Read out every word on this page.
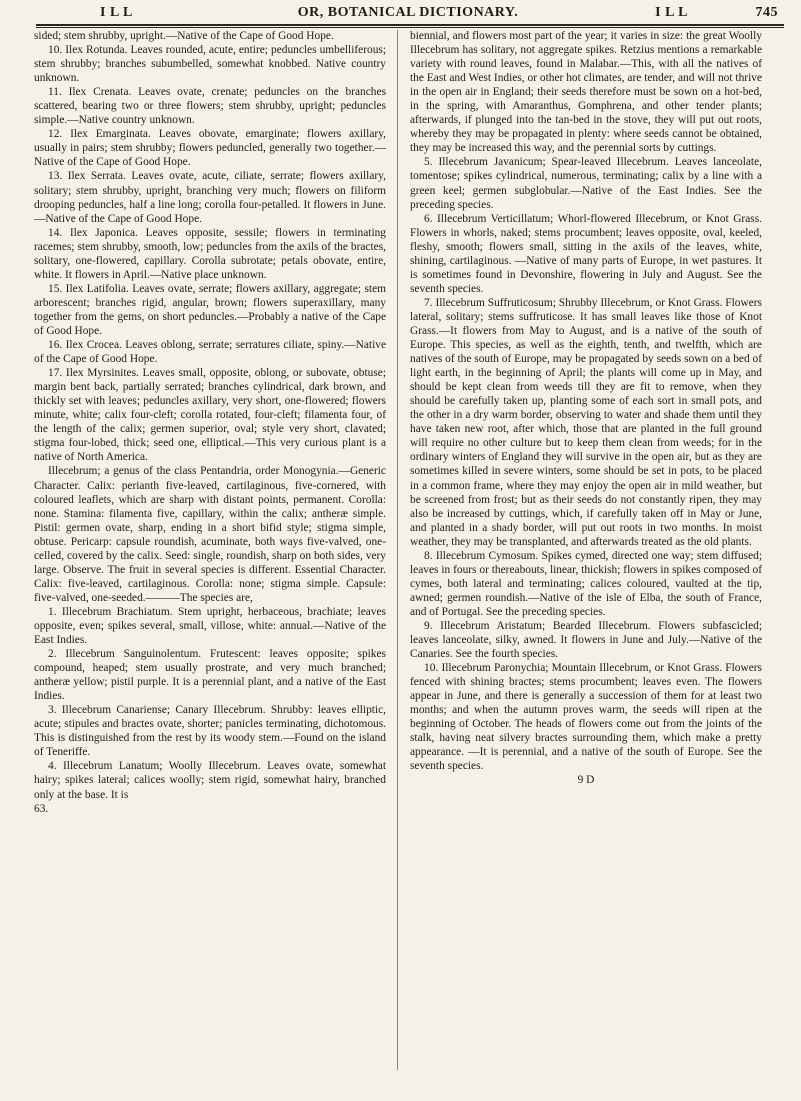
I L L	OR, BOTANICAL DICTIONARY.	I L L	745

sided; stem shrubby, upright.—Native of the Cape of Good Hope.

10. Ilex Rotunda. Leaves rounded, acute, entire; peduncles umbelliferous; stem shrubby; branches subumbelled, somewhat knobbed. Native country unknown.

11. Ilex Crenata. Leaves ovate, crenate; peduncles on the branches scattered, bearing two or three flowers; stem shrubby, upright; peduncles simple.—Native country unknown.

12. Ilex Emarginata. Leaves obovate, emarginate; flowers axillary, usually in pairs; stem shrubby; flowers peduncled, generally two together.—Native of the Cape of Good Hope.

13. Ilex Serrata. Leaves ovate, acute, ciliate, serrate; flowers axillary, solitary; stem shrubby, upright, branching very much; flowers on filiform drooping peduncles, half a line long; corolla four-petalled. It flowers in June.—Native of the Cape of Good Hope.

14. Ilex Japonica. Leaves opposite, sessile; flowers in terminating racemes; stem shrubby, smooth, low; peduncles from the axils of the bractes, solitary, one-flowered, capillary. Corolla subrotate; petals obovate, entire, white. It flowers in April.—Native place unknown.

15. Ilex Latifolia. Leaves ovate, serrate; flowers axillary, aggregate; stem arborescent; branches rigid, angular, brown; flowers superaxillary, many together from the gems, on short peduncles.—Probably a native of the Cape of Good Hope.

16. Ilex Crocea. Leaves oblong, serrate; serratures ciliate, spiny.—Native of the Cape of Good Hope.

17. Ilex Myrsinites. Leaves small, opposite, oblong, or subovate, obtuse; margin bent back, partially serrated; branches cylindrical, dark brown, and thickly set with leaves; peduncles axillary, very short, one-flowered; flowers minute, white; calix four-cleft; corolla rotated, four-cleft; filamenta four, of the length of the calix; germen superior, oval; style very short, clavated; stigma four-lobed, thick; seed one, elliptical.—This very curious plant is a native of North America.

Illecebrum; a genus of the class Pentandria, order Monogynia.—Generic Character. Calix: perianth five-leaved, cartilaginous, five-cornered, with coloured leaflets, which are sharp with distant points, permanent. Corolla: none. Stamina: filamenta five, capillary, within the calix; antheræ simple. Pistil: germen ovate, sharp, ending in a short bifid style; stigma simple, obtuse. Pericarp: capsule roundish, acuminate, both ways five-valved, one-celled, covered by the calix. Seed: single, roundish, sharp on both sides, very large. Observe. The fruit in several species is different. Essential Character. Calix: five-leaved, cartilaginous. Corolla: none; stigma simple. Capsule: five-valved, one-seeded.———The species are,

1. Illecebrum Brachiatum. Stem upright, herbaceous, brachiate; leaves opposite, even; spikes several, small, villose, white: annual.—Native of the East Indies.

2. Illecebrum Sanguinolentum. Frutescent: leaves opposite; spikes compound, heaped; stem usually prostrate, and very much branched; antheræ yellow; pistil purple. It is a perennial plant, and a native of the East Indies.

3. Illecebrum Canariense; Canary Illecebrum. Shrubby: leaves elliptic, acute; stipules and bractes ovate, shorter; panicles terminating, dichotomous. This is distinguished from the rest by its woody stem.—Found on the island of Teneriffe.

4. Illecebrum Lanatum; Woolly Illecebrum. Leaves ovate, somewhat hairy; spikes lateral; calices woolly; stem rigid, somewhat hairy, branched only at the base. It is

63.

biennial, and flowers most part of the year; it varies in size: the great Woolly Illecebrum has solitary, not aggregate spikes. Retzius mentions a remarkable variety with round leaves, found in Malabar.—This, with all the natives of the East and West Indies, or other hot climates, are tender, and will not thrive in the open air in England; their seeds therefore must be sown on a hot-bed, in the spring, with Amaranthus, Gomphrena, and other tender plants; afterwards, if plunged into the tan-bed in the stove, they will put out roots, whereby they may be propagated in plenty: where seeds cannot be obtained, they may be increased this way, and the perennial sorts by cuttings.

5. Illecebrum Javanicum; Spear-leaved Illecebrum. Leaves lanceolate, tomentose; spikes cylindrical, numerous, terminating; calix by a line with a green keel; germen subglobular.—Native of the East Indies. See the preceding species.

6. Illecebrum Verticillatum; Whorl-flowered Illecebrum, or Knot Grass. Flowers in whorls, naked; stems procumbent; leaves opposite, oval, keeled, fleshy, smooth; flowers small, sitting in the axils of the leaves, white, shining, cartilaginous. —Native of many parts of Europe, in wet pastures. It is sometimes found in Devonshire, flowering in July and August. See the seventh species.

7. Illecebrum Suffruticosum; Shrubby Illecebrum, or Knot Grass. Flowers lateral, solitary; stems suffruticose. It has small leaves like those of Knot Grass.—It flowers from May to August, and is a native of the south of Europe. This species, as well as the eighth, tenth, and twelfth, which are natives of the south of Europe, may be propagated by seeds sown on a bed of light earth, in the beginning of April; the plants will come up in May, and should be kept clean from weeds till they are fit to remove, when they should be carefully taken up, planting some of each sort in small pots, and the other in a dry warm border, observing to water and shade them until they have taken new root, after which, those that are planted in the full ground will require no other culture but to keep them clean from weeds; for in the ordinary winters of England they will survive in the open air, but as they are sometimes killed in severe winters, some should be set in pots, to be placed in a common frame, where they may enjoy the open air in mild weather, but be screened from frost; but as their seeds do not constantly ripen, they may also be increased by cuttings, which, if carefully taken off in May or June, and planted in a shady border, will put out roots in two months. In moist weather, they may be transplanted, and afterwards treated as the old plants.

8. Illecebrum Cymosum. Spikes cymed, directed one way; stem diffused; leaves in fours or thereabouts, linear, thickish; flowers in spikes composed of cymes, both lateral and terminating; calices coloured, vaulted at the tip, awned; germen roundish.—Native of the isle of Elba, the south of France, and of Portugal. See the preceding species.

9. Illecebrum Aristatum; Bearded Illecebrum. Flowers subfascicled; leaves lanceolate, silky, awned. It flowers in June and July.—Native of the Canaries. See the fourth species.

10. Illecebrum Paronychia; Mountain Illecebrum, or Knot Grass. Flowers fenced with shining bractes; stems procumbent; leaves even. The flowers appear in June, and there is generally a succession of them for at least two months; and when the autumn proves warm, the seeds will ripen at the beginning of October. The heads of flowers come out from the joints of the stalk, having neat silvery bractes surrounding them, which make a pretty appearance. —It is perennial, and a native of the south of Europe. See the seventh species.

9 D
